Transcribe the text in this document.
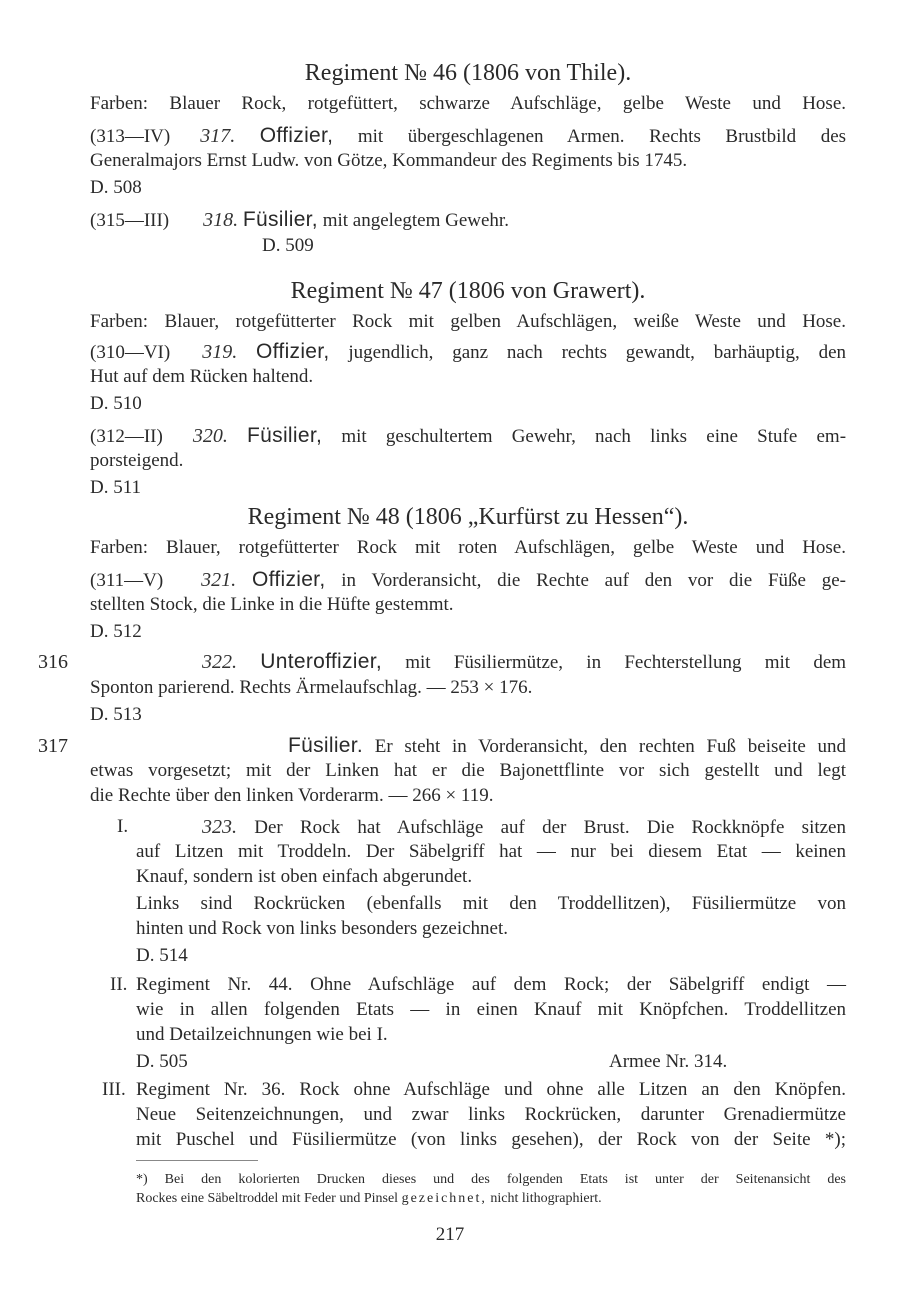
Regiment № 46 (1806 von Thile).
Farben: Blauer Rock, rotgefüttert, schwarze Aufschläge, gelbe Weste und Hose.
(313—IV) 317. Offizier, mit übergeschlagenen Armen. Rechts Brustbild des
Generalmajors Ernst Ludw. von Götze, Kommandeur des Regiments bis 1745.
D. 508
(315—III) 318. Füsilier, mit angelegtem Gewehr.
D. 509
Regiment № 47 (1806 von Grawert).
Farben: Blauer, rotgefütterter Rock mit gelben Aufschlägen, weiße Weste und Hose.
(310—VI) 319. Offizier, jugendlich, ganz nach rechts gewandt, barhäuptig, den
Hut auf dem Rücken haltend.
D. 510
(312—II) 320. Füsilier, mit geschultertem Gewehr, nach links eine Stufe em-
porsteigend.
D. 511
Regiment № 48 (1806 „Kurfürst zu Hessen“).
Farben: Blauer, rotgefütterter Rock mit roten Aufschlägen, gelbe Weste und Hose.
(311—V) 321. Offizier, in Vorderansicht, die Rechte auf den vor die Füße ge-
stellten Stock, die Linke in die Hüfte gestemmt.
D. 512
316	322. Unteroffizier, mit Füsiliermütze, in Fechterstellung mit dem
Sponton parierend. Rechts Ärmelaufschlag. — 253 × 176.
D. 513
317	Füsilier. Er steht in Vorderansicht, den rechten Fuß beiseite und
etwas vorgesetzt; mit der Linken hat er die Bajonettflinte vor sich gestellt und legt
die Rechte über den linken Vorderarm. — 266 × 119.
I.	323. Der Rock hat Aufschläge auf der Brust. Die Rockknöpfe sitzen
auf Litzen mit Troddeln. Der Säbelgriff hat — nur bei diesem Etat — keinen
Knauf, sondern ist oben einfach abgerundet.
Links sind Rockrücken (ebenfalls mit den Troddellitzen), Füsiliermütze von
hinten und Rock von links besonders gezeichnet.
D. 514
II. Regiment Nr. 44. Ohne Aufschläge auf dem Rock; der Säbelgriff endigt —
wie in allen folgenden Etats — in einen Knauf mit Knöpfchen. Troddellitzen
und Detailzeichnungen wie bei I.
D. 505	Armee Nr. 314.
III. Regiment Nr. 36. Rock ohne Aufschläge und ohne alle Litzen an den Knöpfen.
Neue Seitenzeichnungen, und zwar links Rockrücken, darunter Grenadiermütze
mit Puschel und Füsiliermütze (von links gesehen), der Rock von der Seite *);
*) Bei den kolorierten Drucken dieses und des folgenden Etats ist unter der Seitenansicht des
Rockes eine Säbeltroddel mit Feder und Pinsel gezeichnet, nicht lithographiert.
217
